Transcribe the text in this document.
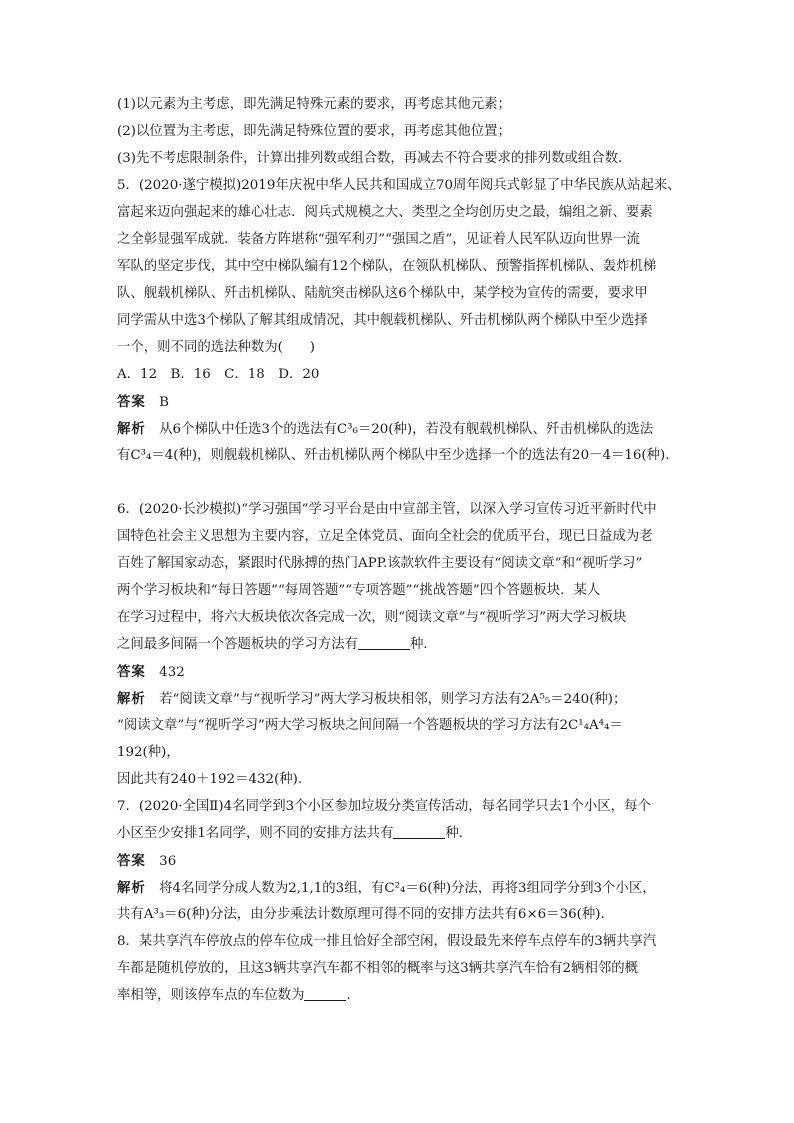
(1)以元素为主考虑，即先满足特殊元素的要求，再考虑其他元素；
(2)以位置为主考虑，即先满足特殊位置的要求，再考虑其他位置；
(3)先不考虑限制条件，计算出排列数或组合数，再减去不符合要求的排列数或组合数．
5．(2020·遂宁模拟)2019年庆祝中华人民共和国成立70周年阅兵式彰显了中华民族从站起来、
富起来迈向强起来的雄心壮志．阅兵式规模之大、类型之全均创历史之最，编组之新、要素
之全彰显强军成就．装备方阵堪称“强军利刃”“强国之盾”，见证着人民军队迈向世界一流
军队的坚定步伐，其中空中梯队编有12个梯队，在领队机梯队、预警指挥机梯队、轰炸机梯
队、舰载机梯队、歼击机梯队、陆航突击梯队这6个梯队中，某学校为宣传的需要，要求甲
同学需从中选3个梯队了解其组成情况，其中舰载机梯队、歼击机梯队两个梯队中至少选择
一个，则不同的选法种数为(　　)
A．12　B．16　C．18　D．20
答案　 B
解析　 从6个梯队中任选3个的选法有C³₆＝20(种)，若没有舰载机梯队、歼击机梯队的选法
有C³₄＝4(种)，则舰载机梯队、歼击机梯队两个梯队中至少选择一个的选法有20－4＝16(种).
6．(2020·长沙模拟)“学习强国”学习平台是由中宣部主管，以深入学习宣传习近平新时代中
国特色社会主义思想为主要内容，立足全体党员、面向全社会的优质平台，现已日益成为老
百姓了解国家动态，紧跟时代脉搏的热门APP.该款软件主要设有“阅读文章”和“视听学习”
两个学习板块和“每日答题”“每周答题”“专项答题”“挑战答题”四个答题板块．某人
在学习过程中，将六大板块依次各完成一次，则“阅读文章”与“视听学习”两大学习板块
之间最多间隔一个答题板块的学习方法有	种．
答案　 432
解析　 若“阅读文章”与“视听学习”两大学习板块相邻，则学习方法有2A⁵₅＝240(种)；
“阅读文章”与“视听学习”两大学习板块之间间隔一个答题板块的学习方法有2C¹₄A⁴₄＝
192(种)，
因此共有240＋192＝432(种).
7．(2020·全国Ⅱ)4名同学到3个小区参加垃圾分类宣传活动，每名同学只去1个小区，每个
小区至少安排1名同学，则不同的安排方法共有	种．
答案　 36
解析　 将4名同学分成人数为2,1,1的3组，有C²₄＝6(种)分法，再将3组同学分到3个小区，
共有A³₃＝6(种)分法，由分步乘法计数原理可得不同的安排方法共有6×6＝36(种).
8．某共享汽车停放点的停车位成一排且恰好全部空闲，假设最先来停车点停车的3辆共享汽
车都是随机停放的，且这3辆共享汽车都不相邻的概率与这3辆共享汽车恰有2辆相邻的概
率相等，则该停车点的车位数为	．
